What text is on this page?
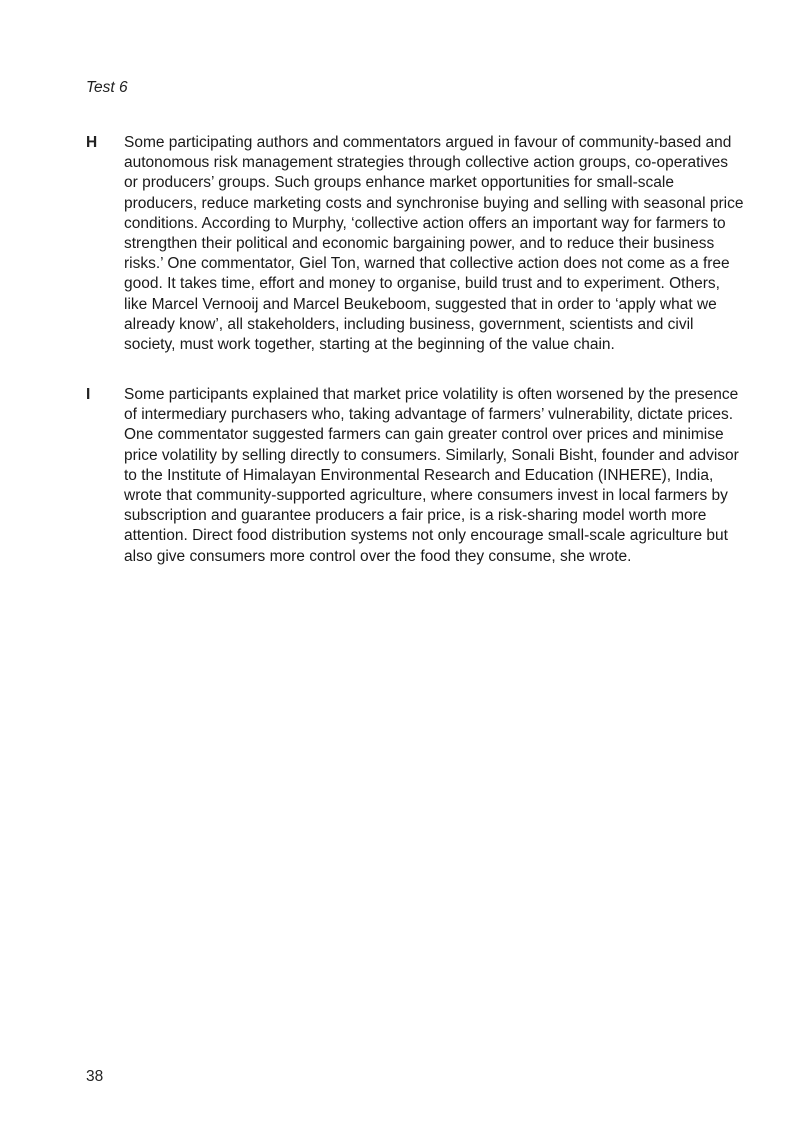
Test 6
H Some participating authors and commentators argued in favour of community-based and autonomous risk management strategies through collective action groups, co-operatives or producers’ groups. Such groups enhance market opportunities for small-scale producers, reduce marketing costs and synchronise buying and selling with seasonal price conditions. According to Murphy, ‘collective action offers an important way for farmers to strengthen their political and economic bargaining power, and to reduce their business risks.’ One commentator, Giel Ton, warned that collective action does not come as a free good. It takes time, effort and money to organise, build trust and to experiment. Others, like Marcel Vernooij and Marcel Beukeboom, suggested that in order to ‘apply what we already know’, all stakeholders, including business, government, scientists and civil society, must work together, starting at the beginning of the value chain.
I Some participants explained that market price volatility is often worsened by the presence of intermediary purchasers who, taking advantage of farmers’ vulnerability, dictate prices. One commentator suggested farmers can gain greater control over prices and minimise price volatility by selling directly to consumers. Similarly, Sonali Bisht, founder and advisor to the Institute of Himalayan Environmental Research and Education (INHERE), India, wrote that community-supported agriculture, where consumers invest in local farmers by subscription and guarantee producers a fair price, is a risk-sharing model worth more attention. Direct food distribution systems not only encourage small-scale agriculture but also give consumers more control over the food they consume, she wrote.
38
